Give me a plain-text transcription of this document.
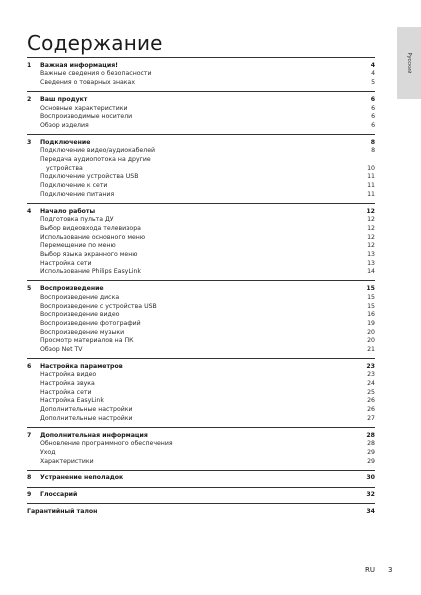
Содержание
Русский
1 Важная информация!	4
Важные сведения о безопасности	4
Сведения о товарных знаках	5
2 Ваш продукт	6
Основные характеристики	6
Воспроизводимые носители	6
Обзор изделия	6
3 Подключение	8
Подключение видео/аудиокабелей	8
Передача аудиопотока на другие
устройства	10
Подключение устройства USB	11
Подключение к сети	11
Подключение питания	11
4 Начало работы	12
Подготовка пульта ДУ	12
Выбор видеовхода телевизора	12
Использование основного меню	12
Перемещение по меню	12
Выбор языка экранного меню	13
Настройка сети	13
Использование Philips EasyLink	14
5 Воспроизведение	15
Воспроизведение диска	15
Воспроизведение с устройства USB	15
Воспроизведение видео	16
Воспроизведение фотографий	19
Воспроизведение музыки	20
Просмотр материалов на ПК	20
Обзор Net TV	21
6 Настройка параметров	23
Настройка видео	23
Настройка звука	24
Настройка сети	25
Настройка EasyLink	26
Дополнительные настройки	26
Дополнительные настройки	27
7 Дополнительная информация	28
Обновление программного обеспечения	28
Уход	29
Характеристики	29
8 Устранение неполадок	30
9 Глоссарий	32
Гарантийный талон	34
RU 3
